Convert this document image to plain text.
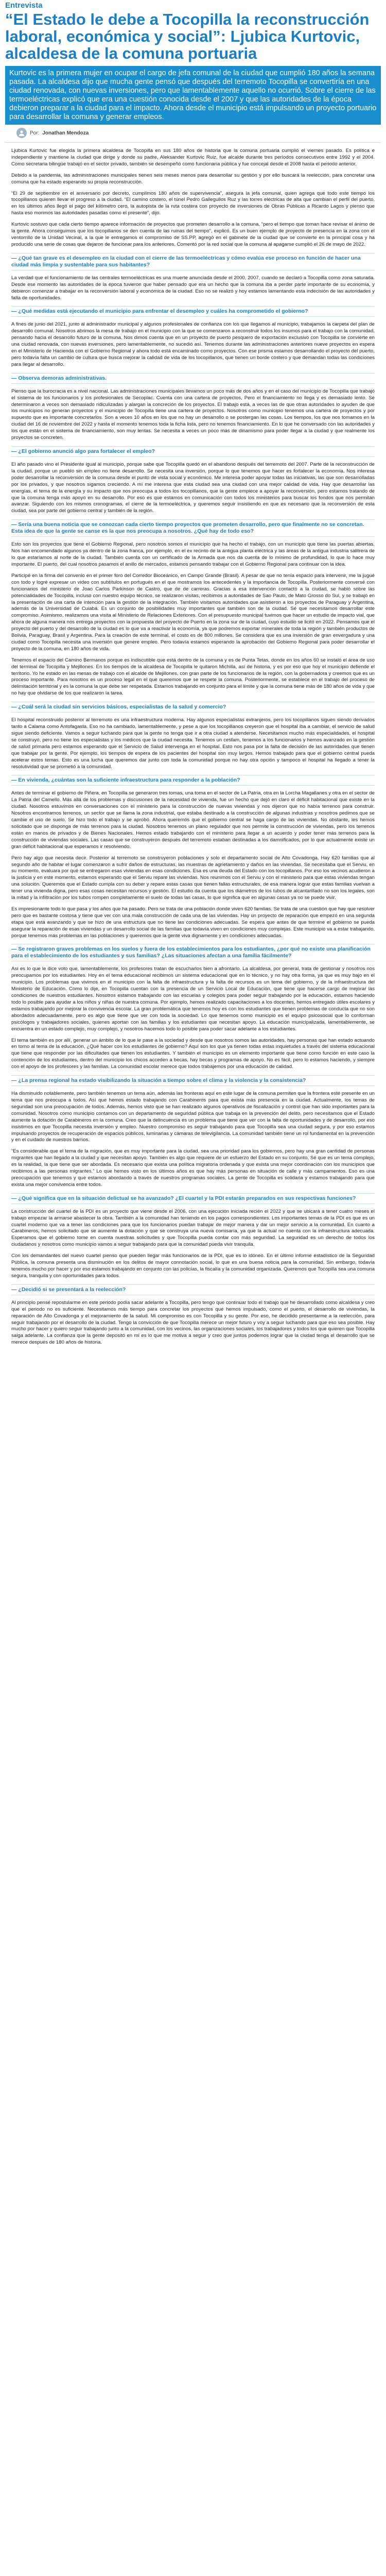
Entrevista
“El Estado le debe a Tocopilla la reconstrucción laboral, económica y social”: Ljubica Kurtovic, alcaldesa de la comuna portuaria
Kurtovic es la primera mujer en ocupar el cargo de jefa comunal de la ciudad que cumplió 180 años la semana pasada. La alcaldesa dijo que mucha gente pensó que después del terremoto Tocopilla se convertiría en una ciudad renovada, con nuevas inversiones, pero que lamentablemente aquello no ocurrió. Sobre el cierre de las termoeléctricas explicó que era una cuestión conocida desde el 2007 y que las autoridades de la época debieron preparar a la ciudad para el impacto. Ahora desde el municipio está impulsando un proyecto portuario para desarrollar la comuna y generar empleos.
Por: Jonathan Mendoza

Ljubica Kurtovic fue elegida la primera alcaldesa de Tocopilla en sus 180 años de historia que la comuna portuaria cumplió el viernes pasado. Es política e independiente y mantiene la ciudad que dirige y donde su padre, Aleksander Kurtovic Ruiz, fue alcalde durante tres períodos consecutivos entre 1992 y el 2004. Como secretaria bilingüe trabajó en el sector privado, también se desempeñó como funcionaria pública y fue concejal desde el 2008 hasta el periodo anterior.

Debido a la pandemia, las administraciones municipales tienen seis meses menos para desarrollar su gestión y por ello buscará la reelección, para concretar una comuna que ha estado esperando su propia reconstrucción.

“El 29 de septiembre en el aniversario por decreto, cumplimos 180 años de supervivencia”, asegura la jefa comunal, quien agrega que todo este tiempo los tocopillanos quieren llevar el progreso a la ciudad. “El camino costero, el túnel Pedro Gallegullos Ruz y las torres eléctricas de alta que cambian el perfil del puerto, en los últimos años llegó el pago del kilómetro cero, la autopista de la ruta costera con proyecto de inversiones de Obras Públicas a Ricardo Lagos y pienso que hasta eso morimos las autoridades pasadas como el presente”, dijo.

Kurtovic sostuvo que cada cierto tiempo aparece información de proyectos que prometen desarrollo a la comuna, “pero el tiempo que toman hace revisar el ánimo de la gente. Ahora conseguimos que los tocopillanos se den cuenta de las ruinas del tiempo”, explicó. Es un buen ejemplo de proyecto de presencia en la zona con el ventorrillo de la Unidad Vecinal, a la que le entregamos el compromiso de SS.PP, agregó en el gabinete de la ciudad que se convierte en la principal cosa y ha producido una serie de cosas que dejaron de funcionar para los anteriores. Comentó por la red social que la comuna al apagarse cumplió el 26 de mayo de 2022.

— ¿Qué tan grave es el desempleo en la ciudad con el cierre de las termoeléctricas y cómo evalúa ese proceso en función de hacer una ciudad más limpia y sustentable para sus habitantes?

La verdad que el funcionamiento de las centrales termoeléctricas es una muerte anunciada desde el 2000, 2007, cuando se declaró a Tocopilla como zona saturada. Desde ese momento las autoridades de la época tuvieron que haber pensado que era un hecho que la comuna iba a perder parte importante de su economía, y debieron comenzar a trabajar en la reconversión laboral y económica de la ciudad. Eso no se realizó y hoy estamos lamentando esta indecisión de las autoridades y falta de oportunidades.

— ¿Qué medidas está ejecutando el municipio para enfrentar el desempleo y cuáles ha comprometido el gobierno?

A fines de junio del 2021, junto al administrador municipal y algunos profesionales de confianza con los que llegamos al municipio, trabajamos la carpeta del plan de desarrollo comunal. Nosotros abrimos la mesa de trabajo en el municipio con la que se comenzaron a reconstruir todos los insumos para el trabajo con la comunidad, pensando hacia el desarrollo futuro de la comuna. Nos dimos cuenta que en un proyecto de puerto pesquero de exportación exclusivo con Tocopilla se convierte en una ciudad renovada, con nuevas inversiones, pero lamentablemente, no sucedió así. Tenemos durante las administraciones anteriores nueve proyectos en espera en el Ministerio de Hacienda con el Gobierno Regional y ahora todo está encaminado como proyectos. Con ese prisma estamos desarrollando el proyecto del puerto, pero todavía falta un cambio de cultura que busca mejorar la calidad de vida de los tocopillanos, que tienen un borde costero y que demandan todas las condiciones para llegar al desarrollo.

— Observa demoras administrativas.

Pienso que la burocracia es a nivel nacional. Las administraciones municipales llevamos un poco más de dos años y en el caso del municipio de Tocopilla que trabajó el sistema de los funcionarios y los profesionales de Secoplac. Cuenta con una cartera de proyectos, Pero el financiamiento no llega y es demasiado lento. Se determinaron a veces son demasiado ridiculizadas y alargan la concreción de los proyectos. El trabajo está, a veces las de que otras autoridades lo ayuden de que los municipios no generan proyectos y el municipio de Tocopilla tiene una cartera de proyectos. Nosotros como municipio tenemos una cartera de proyectos y por supuesto que es importante concretarlos. Son a veces 10 años en los que no hay un desarrollo o se postergan las cosas. Los tiempos, los que nos tomamos en la ciudad del 16 de noviembre del 2022 y hasta el momento tenemos toda la ficha lista, pero no tenemos financiamiento. En lo que he conversado con las autoridades y los que están en el sistema de financiamiento, son muy lentas. Se necesita a veces un poco más de dinamismo para poder llegar a la ciudad y que realmente los proyectos se concreten.

— ¿El gobierno anunció algo para fortalecer el empleo?

El año pasado vino el Presidente igual al municipio, porque sabe que Tocopilla quedó en el abandono después del terremoto del 2007. Parte de la reconstrucción de la ciudad, porque un pueblo sin empleo no tiene desarrollo. Se necesita una inversión, porque lo que tenemos que hacer es fortalecer la economía. Nos interesa poder desarrollar la reconversión de la comuna desde el punto de vista social y económico. Me interesa poder apoyar todas las iniciativas, las que son desarrolladas por los privados, y que nosotros sigamos creciendo. A mí me interesa que esta ciudad sea una ciudad con una mejor calidad de vida. Hay que desarrollar las energías, el tema de la energía y su impacto que nos preocupa a todos los tocopillanos, que la gente empiece a apoyar la reconversión, pero estamos tratando de que la comuna tenga más apoyo en su desarrollo. Por eso es que estamos en comunicación con todos los ministerios para buscar los fondos que nos permitan avanzar. Siguiendo con los mismos cronogramas, el cierre de la termoeléctrica, y queremos seguir insistiendo en que es necesario que la reconversión de esta ciudad, sea por parte del gobierno central y también de la región.

— Sería una buena noticia que se conozcan cada cierto tiempo proyectos que prometen desarrollo, pero que finalmente no se concretan. Esta idea de que la gente se canse es la que nos preocupa a nosotros. ¿Qué hay de todo eso?

Esto son los proyectos que tiene el Gobierno Regional, pero nosotros somos el municipio que ha hecho el trabajo, con un municipio que tiene las puertas abiertas. Nos han encomendado algunos ya dentro de la zona franca, por ejemplo, en el ex recinto de la antigua planta eléctrica y las áreas de la antigua industria salitrera de lo que estaríamos al norte de la ciudad. También cuenta con un certificado de la Armada que nos da cuenta de lo mínimo de profundidad, lo que lo hace muy importante. El puerto, del cual nosotros pasamos el anillo de mercados, estamos pensando trabajar con el Gobierno Regional para continuar con la idea.

Participé en la firma del convenio en el primer foro del Corredor Bioceánico, en Campo Grande (Brasil). A pesar de que no tenía espacio para intervenir, me la jugué con todo y logré expresar un video con subtítulos en portugués en el que mostramos los antecedentes y la importancia de Tocopilla. Posteriormente conversé con funcionarios del ministerio de Joao Carlos Parkinson de Castro, que de de carreras. Gracias a esa intervención contactó a la ciudad, se habló sobre las potencialidades de Tocopilla, incluso con nuestro equipo técnico, se realizaron visitas, recibimos a autoridades de Sao Paulo, de Mato Grosso do Sul, y se trabajó en la presentación de una carta de intención para la gestión de la integración. También visitamos autoridades que asistieron a los proyectos de Paraguay y Argentina, además de la Universidad de Cuiabá. Es un conjunto de posibilidades muy importantes que también son de la ciudad. Sé que necesitamos desarrollar este compromiso. Asimismo, realizamos una visita al Ministerio de Relaciones Exteriores. Con el presupuesto municipal tuvimos que hacer un estudio de impacto vial, que ahora de alguna manera nos entrega proyectos con la propuesta del proyecto de Puerto en la zona sur de la ciudad, cuyo estudio se licitó en 2022. Pensamos que el proyecto del puerto y del desarrollo de la ciudad es lo que va a reactivar la economía, ya que podremos exportar minerales de toda la región y también productos de Bolivia, Paraguay, Brasil y Argentina. Para la creación de este terminal, el costo es de 800 millones. Se considera que es una inversión de gran envergadura y una ciudad como Tocopilla necesita una inversión que genere empleo. Pero todavía estamos esperando la aprobación del Gobierno Regional para poder desarrollar el proyecto de la comuna, en 180 años de vida.

Tenemos el espacio del Camino Bermanos porque es indiscutible que está dentro de la comuna y es de Punta Tetas, donde en los años 60 se instaló el área de uso del terminal de Tocopilla y Mejillones. En los tiempos de la alcaldesa de Tocopilla le quitaron Michilla, así de historia, y es por eso que hoy el municipio defiende el territorio. Yo he estado en las mesas de trabajo con el alcalde de Mejillones, con gran parte de los funcionarios de la región, con la gobernadora y creemos que es un proceso importante. Para nosotros es un proceso legal en el que queremos que se respete la comuna. Posteriormente, se establece en el trabajo del proceso de delimitación territorial y es la comuna la que debe ser respetada. Estamos trabajando en conjunto para el límite y que la comuna tiene más de 180 años de vida y que no hay que olvidarse de los que realizaron la tarea.

— ¿Cuál será la ciudad sin servicios básicos, especialistas de la salud y comercio?

El hospital reconstruido posterior al terremoto es una infraestructura moderna. Hay algunos especialistas extranjeros, pero los tocopillanos siguen siendo derivados tanto a Calama como Antofagasta. Eso no ha cambiado, lamentablemente, y pese a que los tocopillanos creyeron que el hospital iba a cambiar, el servicio de salud sigue siendo deficiente. Vamos a seguir luchando para que la gente no tenga que ir a otra ciudad a atenderse. Necesitamos mucho más especialidades, el hospital se construyó, pero no tiene los especialistas y los médicos que la ciudad necesita. Tenemos un cesfam, tenemos a los funcionarios y hemos avanzado en la gestión de salud primaria pero estamos esperando que el Servicio de Salud intervenga en el hospital. Esto nos pasa por la falta de decisión de las autoridades que tienen que trabajar por la gente. Por ejemplo, los tiempos de espera de los pacientes del hospital son muy largos. Hemos trabajado para que el gobierno central pueda acelerar estos temas. Esto es una lucha que queremos dar junto con toda la comunidad porque no hay otra opción y tampoco el hospital ha llegado a tener la resolutividad que se prometió a la comunidad.

— En vivienda, ¿cuántas son la suficiente infraestructura para responder a la población?

Antes de terminar el gobierno de Piñera, en Tocopilla se generaron tres tomas, una toma en el sector de La Patria, otra en la Lorcha Magallanes y otra en el sector de La Patria del Camello. Más allá de los problemas y discusiones de la necesidad de vivienda, fue un hecho que dejó en claro el déficit habitacional que existe en la ciudad. Nosotros estuvimos en conversaciones con el ministerio para la construcción de nuevas viviendas y nos dijeron que no había terrenos para construir. Nosotros encontramos terrenos, un sector que se llama la zona industrial, que estaba destinado a la construcción de algunas industrias y nosotros pedimos que se cambie el uso de suelo. Se hizo todo el trabajo y se aprobó. Ahora queremos que el gobierno central se haga cargo de las viviendas. No obstante, les hemos solicitado que se disponga de más terrenos para la ciudad. Nosotros tenemos un plano regulador que nos permite la construcción de viviendas, pero los terrenos están en manos de privados y de Bienes Nacionales. Hemos estado trabajando con el ministerio para llegar a un acuerdo y poder tener más terrenos para la construcción de viviendas sociales. Las casas que se construyeron después del terremoto estaban destinadas a los damnificados, por lo que actualmente existe un gran déficit habitacional que esperamos ir resolviendo.

Pero hay algo que necesita decir. Posterior al terremoto se construyeron poblaciones y solo el departamento social de Alto Covadonga. Hay 620 familias que al segundo año de habitar el lugar comenzaron a sufrir daños de estructuras, las muestras de agrietamiento y daños en las viviendas. Se necesitaba que el Serviu, en su momento, evaluara por qué se entregaron esas viviendas en esas condiciones. Esa es una deuda del Estado con los tocopillanos. Por eso los vecinos acudieron a la justicia y en este momento, estamos esperando que el Serviu repare las viviendas. Nos reunimos con el Serviu y con el ministerio para que estas viviendas tengan una solución. Queremos que el Estado cumpla con su deber y repare estas casas que tienen fallas estructurales, de esa manera lograr que estas familias vuelvan a tener una vivienda digna, pero esas cosas necesitan recursos y gestión. El estudio da cuenta que los diámetros de los tubos de alcantarillado no son los legales, son la mitad y la infiltración por los tubos rompen completamente el suelo de todas las casas, lo que significa que en algunas casas ya no se puede vivir.

Es impresionante todo lo que pasa y los años que ha pasado. Pero se trata de una población donde viven 620 familias. Se trata de una cuestión que hay que resolver pero que es bastante costosa y tiene que ver con una mala construcción de cada una de las viviendas. Hay un proyecto de reparación que empezó en una segunda etapa que está avanzando y que se hizo de una estructura que no tiene las condiciones adecuadas. Se espera que antes de que termine el gobierno se pueda asegurar la reparación de esas viviendas y un desarrollo social de las familias que todavía viven en condiciones muy complejas. Este municipio va a estar trabajando, porque tenemos más problemas en las poblaciones y queremos que la gente viva dignamente y en condiciones adecuadas.

— Se registraron graves problemas en los suelos y fuera de los establecimientos para los estudiantes, ¿por qué no existe una planificación para el establecimiento de los estudiantes y sus familias? ¿Las situaciones afectan a una familia fácilmente?

Así es lo que le dice voto que, lamentablemente, los profesores tratan de escucharlos bien a afrontarlo. La alcaldesa, por general, trata de gestionar y nosotros nos preocupamos por los estudiantes. Hoy en el tema educacional recibimos un sistema educacional que en lo técnico, y no hay otra forma, ya que es muy bajo en el municipio. Los problemas que vivimos en el municipio con la falta de infraestructura y la falta de recursos es un tema del gobierno, y de la infraestructura del Ministerio de Educación. Como lo dije, en Tocopilla cuentan con la presencia de un Servicio Local de Educación, que tiene que hacerse cargo de mejorar las condiciones de nuestros estudiantes. Nosotros estamos trabajando con las escuelas y colegios para poder seguir trabajando por la educación, estamos haciendo todo lo posible para ayudar a los niños y niñas de nuestra comuna. Por ejemplo, hemos realizado capacitaciones a los docentes, hemos entregado útiles escolares y estamos trabajando por mejorar la convivencia escolar. La gran problemática que tenemos hoy es con los estudiantes que tienen problemas de conducta que no son abordados adecuadamente, pero es algo que tiene que ver con toda la sociedad. Lo que tenemos como municipio es el equipo psicosocial que lo conforman psicólogos y trabajadores sociales, quienes aportan con las familias y los estudiantes que necesitan apoyo. La educación municipalizada, lamentablemente, se encuentra en un estado complejo, muy complejo, y nosotros hacemos todo lo posible para poder sacar adelante a los estudiantes.

El tema también es por allí, generar un ámbito de lo que le pase a la sociedad y desde que nosotros somos las autoridades, hay personas que han estado actuando en torno al tema de la educación, ¿Qué hacer con los estudiantes de gobierno? Aquí son los que ya tienen todas estas inquietudes a través del sistema educacional que tiene que responder por las dificultades que tienen los estudiantes. Y también el municipio es un elemento importante que tiene como función en este caso la contención de los estudiantes, dentro del municipio los chicos acceden a becas, hay becas y programas de apoyo. No es fácil, pero lo estamos haciendo, y siempre con el apoyo de los profesores y las familias. La comunidad escolar merece que todos trabajemos por una educación de calidad.

— ¿La prensa regional ha estado visibilizando la situación a tiempo sobre el clima y la violencia y la consistencia?

Ha disminuido notablemente, pero también tenemos un tema aún, además las fronteras aquí en este lugar de la comuna permiten que la frontera esté presente en un tema que nos preocupa a todos. Así que hemos estado trabajando con Carabineros para que exista más presencia en la ciudad. Actualmente, los temas de seguridad son una preocupación de todos. Además, hemos visto que se han realizado algunos operativos de fiscalización y control que han sido importantes para la comunidad. Nosotros como municipio contamos con un departamento de seguridad pública que trabaja en la prevención del delito, pero necesitamos que el Estado aumente la dotación de Carabineros en la comuna. Creo que la delincuencia es un problema que tiene que ver con la falta de oportunidades y de desarrollo, por eso insistimos en que Tocopilla necesita inversión y empleo. Nuestro compromiso es seguir trabajando para que Tocopilla sea una ciudad segura, y por eso estamos impulsando proyectos de recuperación de espacios públicos, luminarias y cámaras de televigilancia. La comunidad también tiene un rol fundamental en la prevención y en el cuidado de nuestros barrios.

“Es considerable que el tema de la migración, que es muy importante para la ciudad, sea una prioridad para los gobiernos, pero hay una gran cantidad de personas migrantes que han llegado a la ciudad y que necesitan apoyo. También es algo que requiere de un esfuerzo del Estado en su conjunto. Sé que es un tema complejo, es la realidad, la que tiene que ser abordada. Es necesario que exista una política migratoria ordenada y que exista una mejor coordinación con los municipios que recibimos a las personas migrantes.” Lo que hemos visto en los últimos años es que hay más personas en situación de calle y más campamentos. Eso es una preocupación que tenemos y que estamos abordando a través de nuestros programas sociales. La gente de Tocopilla es solidaria y estamos trabajando para que exista una mejor convivencia entre todos.

— ¿Qué significa que en la situación delictual se ha avanzado? ¿El cuartel y la PDI estarán preparados en sus respectivas funciones?

La construcción del cuartel de la PDI es un proyecto que viene desde el 2006, con una ejecución iniciada recién el 2022 y que se ubicará a tener cuatro meses el trabajo empezar la armarse abastecer la obra. También a la comunidad han teniendo en los pagos correspondientes. Los importantes temas de la PDI es que es un cuartel moderno que va a tener las condiciones para que los funcionarios puedan trabajar de mejor manera y dar un mejor servicio a la comunidad. En cuanto a Carabineros, hemos solicitado que se aumente la dotación y que se construya una nueva comisaría, ya que la actual no cuenta con la infraestructura adecuada. Esperamos que el gobierno tome en cuenta nuestras solicitudes y que Tocopilla pueda contar con más seguridad. La seguridad es un derecho de todos los ciudadanos y nosotros como municipio vamos a seguir trabajando para que la comunidad pueda vivir tranquila.

Con los demandantes del nuevo cuartel pienso que pueden llegar más funcionarios de la PDI, que es lo idóneo. En el último informe estadístico de la Seguridad Pública, la comuna presenta una disminución en los delitos de mayor connotación social, lo que es una buena noticia para la comunidad. Sin embargo, todavía tenemos mucho por hacer y por eso estamos trabajando en conjunto con las policías, la fiscalía y la comunidad organizada. Queremos que Tocopilla sea una comuna segura, tranquila y con oportunidades para todos.

— ¿Decidió si se presentará a la reelección?

Al principio pensé repostularme en este periodo podía sacar adelante a Tocopilla, pero tengo que continuar todo el trabajo que he desarrollado como alcaldesa y creo que el periodo no es suficiente. Necesitamos más tiempo para concretar los proyectos que hemos impulsado, como el puerto, el desarrollo de viviendas, la reparación de Alto Covadonga y el mejoramiento de la salud. Mi compromiso es con Tocopilla y su gente. Por eso, he decidido presentarme a la reelección, para seguir trabajando por el desarrollo de la ciudad. Tengo la convicción de que Tocopilla merece un mejor futuro y voy a seguir luchando para que eso sea posible. Hay mucho por hacer y quiero seguir trabajando junto a la comunidad, con los vecinos, las organizaciones sociales, los trabajadores y todos los que quieren que Tocopilla salga adelante. La confianza que la gente depositó en mí es lo que me motiva a seguir y creo que juntos podemos lograr que la ciudad tenga el desarrollo que se merece después de 180 años de historia.
